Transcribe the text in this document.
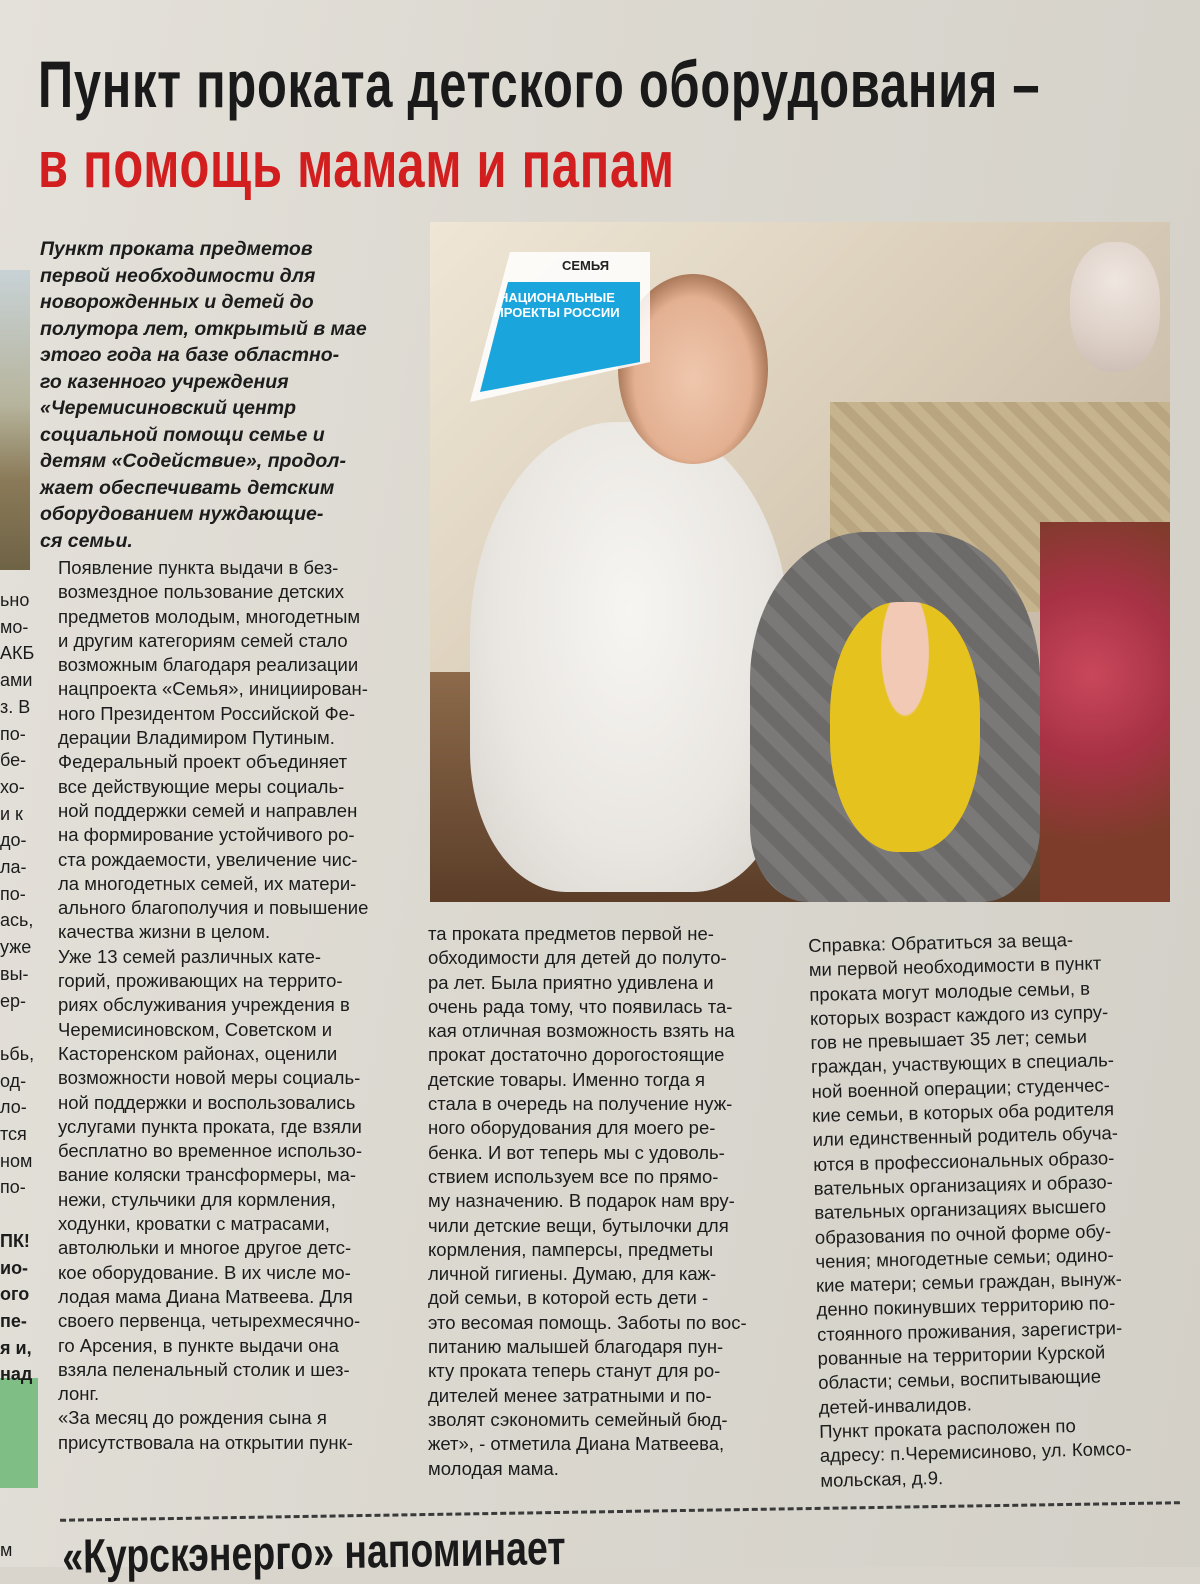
ьно
мо-
АКБ
ами
з. В
по-
бе-
хо-
и к
до-
ла-
по-
ась,
уже
вы-
ер-
ьбь,
од-
ло-
тся
ном
по-
ПК!
ио-
ого
пе-
я и,
над
м
Пункт проката детского оборудования –
в помощь мамам и папам
Пункт проката предметов
первой необходимости для
новорожденных и детей до
полутора лет, открытый в мае
этого года на базе областно-
го казенного учреждения
«Черемисиновский центр
социальной помощи семье и
детям «Содействие», продол-
жает обеспечивать детским
оборудованием нуждающие-
ся семьи.
СЕМЬЯ
НАЦИОНАЛЬНЫЕ ПРОЕКТЫ РОССИИ
Появление пункта выдачи в без-
возмездное пользование детских
предметов молодым, многодетным
и другим категориям семей стало
возможным благодаря реализации
нацпроекта «Семья», инициирован-
ного Президентом Российской Фе-
дерации Владимиром Путиным.
Федеральный проект объединяет
все действующие меры социаль-
ной поддержки семей и направлен
на формирование устойчивого ро-
ста рождаемости, увеличение чис-
ла многодетных семей, их матери-
ального благополучия и повышение
качества жизни в целом.
Уже 13 семей различных кате-
горий, проживающих на террито-
риях обслуживания учреждения в
Черемисиновском, Советском и
Касторенском районах, оценили
возможности новой меры социаль-
ной поддержки и воспользовались
услугами пункта проката, где взяли
бесплатно во временное использо-
вание коляски трансформеры, ма-
нежи, стульчики для кормления,
ходунки, кроватки с матрасами,
автолюльки и многое другое детс-
кое оборудование. В их числе мо-
лодая мама Диана Матвеева. Для
своего первенца, четырехмесячно-
го Арсения, в пункте выдачи она
взяла пеленальный столик и шез-
лонг.
«За месяц до рождения сына я
присутствовала на открытии пунк-
та проката предметов первой не-
обходимости для детей до полуто-
ра лет. Была приятно удивлена и
очень рада тому, что появилась та-
кая отличная возможность взять на
прокат достаточно дорогостоящие
детские товары. Именно тогда я
стала в очередь на получение нуж-
ного оборудования для моего ре-
бенка. И вот теперь мы с удоволь-
ствием используем все по прямо-
му назначению. В подарок нам вру-
чили детские вещи, бутылочки для
кормления, памперсы, предметы
личной гигиены. Думаю, для каж-
дой семьи, в которой есть дети -
это весомая помощь. Заботы по вос-
питанию малышей благодаря пун-
кту проката теперь станут для ро-
дителей менее затратными и по-
зволят сэкономить семейный бюд-
жет», - отметила Диана Матвеева,
молодая мама.
Справка: Обратиться за веща-
ми первой необходимости в пункт
проката могут молодые семьи, в
которых возраст каждого из супру-
гов не превышает 35 лет; семьи
граждан, участвующих в специаль-
ной военной операции; студенчес-
кие семьи, в которых оба родителя
или единственный родитель обуча-
ются в профессиональных образо-
вательных организациях и образо-
вательных организациях высшего
образования по очной форме обу-
чения; многодетные семьи; одино-
кие матери; семьи граждан, вынуж-
денно покинувших территорию по-
стоянного проживания, зарегистри-
рованные на территории Курской
области; семьи, воспитывающие
детей-инвалидов.
Пункт проката расположен по
адресу: п.Черемисиново, ул. Комсо-
мольская, д.9.
«Курскэнерго» напоминает
